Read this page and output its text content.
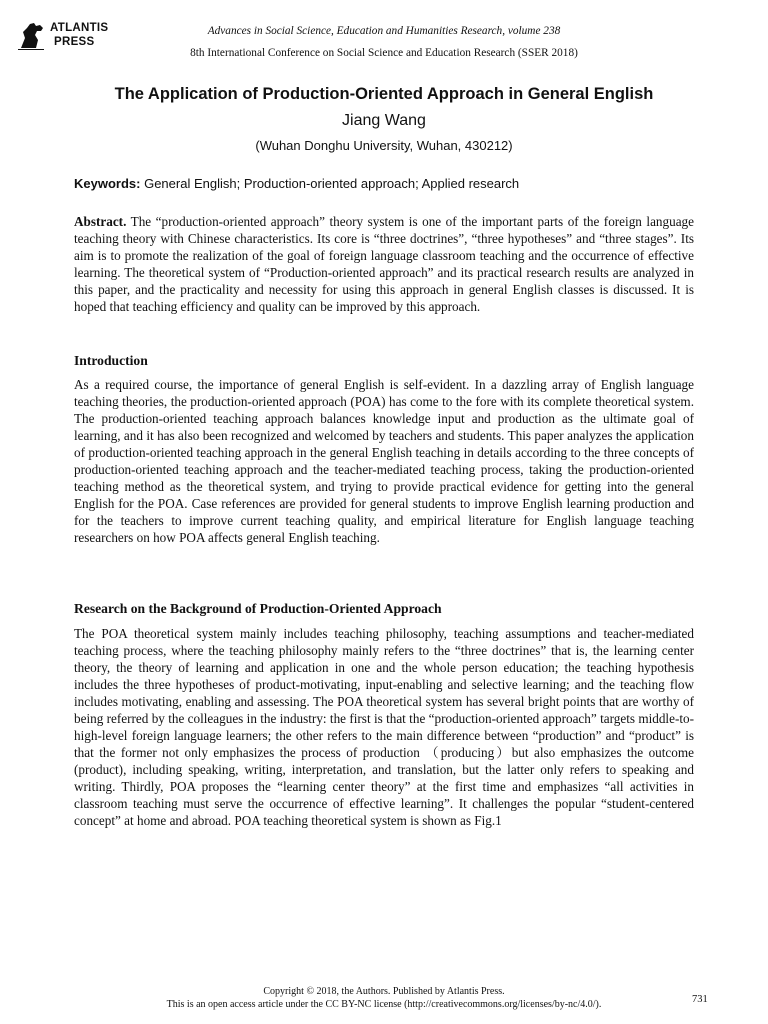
ATLANTIS
PRESS
Advances in Social Science, Education and Humanities Research, volume 238
8th International Conference on Social Science and Education Research (SSER 2018)
The Application of Production-Oriented Approach in General English
Jiang Wang
(Wuhan Donghu University, Wuhan, 430212)
Keywords: General English; Production-oriented approach; Applied research
Abstract. The “production-oriented approach” theory system is one of the important parts of the foreign language teaching theory with Chinese characteristics. Its core is “three doctrines”, “three hypotheses” and “three stages”. Its aim is to promote the realization of the goal of foreign language classroom teaching and the occurrence of effective learning. The theoretical system of “Production-oriented approach” and its practical research results are analyzed in this paper, and the practicality and necessity for using this approach in general English classes is discussed. It is hoped that teaching efficiency and quality can be improved by this approach.
Introduction
As a required course, the importance of general English is self-evident. In a dazzling array of English language teaching theories, the production-oriented approach (POA) has come to the fore with its complete theoretical system. The production-oriented teaching approach balances knowledge input and production as the ultimate goal of learning, and it has also been recognized and welcomed by teachers and students. This paper analyzes the application of production-oriented teaching approach in the general English teaching in details according to the three concepts of production-oriented teaching approach and the teacher-mediated teaching process, taking the production-oriented teaching method as the theoretical system, and trying to provide practical evidence for getting into the general English for the POA. Case references are provided for general students to improve English learning production and for the teachers to improve current teaching quality, and empirical literature for English language teaching researchers on how POA affects general English teaching.
Research on the Background of Production-Oriented Approach
The POA theoretical system mainly includes teaching philosophy, teaching assumptions and teacher-mediated teaching process, where the teaching philosophy mainly refers to the “three doctrines” that is, the learning center theory, the theory of learning and application in one and the whole person education; the teaching hypothesis includes the three hypotheses of product-motivating, input-enabling and selective learning; and the teaching flow includes motivating, enabling and assessing. The POA theoretical system has several bright points that are worthy of being referred by the colleagues in the industry: the first is that the “production-oriented approach” targets middle-to-high-level foreign language learners; the other refers to the main difference between “production” and “product” is that the former not only emphasizes the process of production （producing）but also emphasizes the outcome (product), including speaking, writing, interpretation, and translation, but the latter only refers to speaking and writing. Thirdly, POA proposes the “learning center theory” at the first time and emphasizes “all activities in classroom teaching must serve the occurrence of effective learning”. It challenges the popular “student-centered concept” at home and abroad. POA teaching theoretical system is shown as Fig.1
Copyright © 2018, the Authors. Published by Atlantis Press.
This is an open access article under the CC BY-NC license (http://creativecommons.org/licenses/by-nc/4.0/).	731
